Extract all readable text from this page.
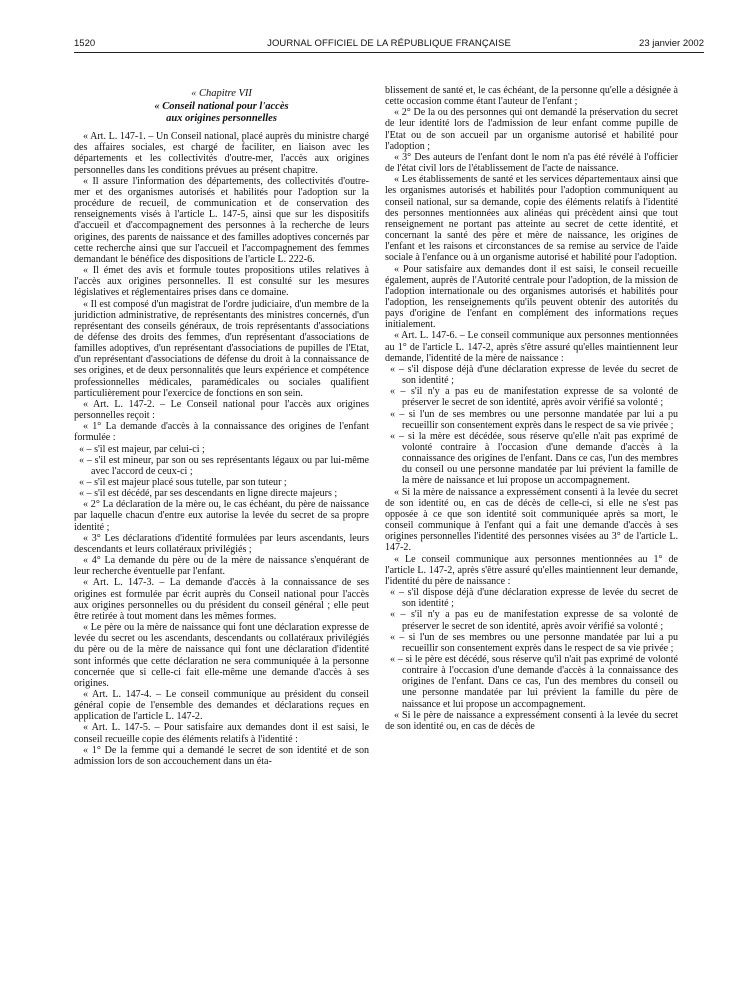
1520	JOURNAL OFFICIEL DE LA RÉPUBLIQUE FRANÇAISE	23 janvier 2002
« Chapitre VII
« Conseil national pour l'accès
aux origines personnelles

« Art. L. 147-1. – Un Conseil national, placé auprès du ministre chargé des affaires sociales, est chargé de faciliter, en liaison avec les départements et les collectivités d'outre-mer, l'accès aux origines personnelles dans les conditions prévues au présent chapitre.

« Il assure l'information des départements, des collectivités d'outre-mer et des organismes autorisés et habilités pour l'adoption sur la procédure de recueil, de communication et de conservation des renseignements visés à l'article L. 147-5, ainsi que sur les dispositifs d'accueil et d'accompagnement des personnes à la recherche de leurs origines, des parents de naissance et des familles adoptives concernés par cette recherche ainsi que sur l'accueil et l'accompagnement des femmes demandant le bénéfice des dispositions de l'article L. 222-6.

« Il émet des avis et formule toutes propositions utiles relatives à l'accès aux origines personnelles. Il est consulté sur les mesures législatives et réglementaires prises dans ce domaine.

« Il est composé d'un magistrat de l'ordre judiciaire, d'un membre de la juridiction administrative, de représentants des ministres concernés, d'un représentant des conseils généraux, de trois représentants d'associations de défense des droits des femmes, d'un représentant d'associations de familles adoptives, d'un représentant d'associations de pupilles de l'Etat, d'un représentant d'associations de défense du droit à la connaissance de ses origines, et de deux personnalités que leurs expérience et compétence professionnelles médicales, paramédicales ou sociales qualifient particulièrement pour l'exercice de fonctions en son sein.

« Art. L. 147-2. – Le Conseil national pour l'accès aux origines personnelles reçoit :

« 1° La demande d'accès à la connaissance des origines de l'enfant formulée :

« – s'il est majeur, par celui-ci ;

« – s'il est mineur, par son ou ses représentants légaux ou par lui-même avec l'accord de ceux-ci ;

« – s'il est majeur placé sous tutelle, par son tuteur ;

« – s'il est décédé, par ses descendants en ligne directe majeurs ;

« 2° La déclaration de la mère ou, le cas échéant, du père de naissance par laquelle chacun d'entre eux autorise la levée du secret de sa propre identité ;

« 3° Les déclarations d'identité formulées par leurs ascendants, leurs descendants et leurs collatéraux privilégiés ;

« 4° La demande du père ou de la mère de naissance s'enquérant de leur recherche éventuelle par l'enfant.

« Art. L. 147-3. – La demande d'accès à la connaissance de ses origines est formulée par écrit auprès du Conseil national pour l'accès aux origines personnelles ou du président du conseil général ; elle peut être retirée à tout moment dans les mêmes formes.

« Le père ou la mère de naissance qui font une déclaration expresse de levée du secret ou les ascendants, descendants ou collatéraux privilégiés du père ou de la mère de naissance qui font une déclaration d'identité sont informés que cette déclaration ne sera communiquée à la personne concernée que si celle-ci fait elle-même une demande d'accès à ses origines.

« Art. L. 147-4. – Le conseil communique au président du conseil général copie de l'ensemble des demandes et déclarations reçues en application de l'article L. 147-2.

« Art. L. 147-5. – Pour satisfaire aux demandes dont il est saisi, le conseil recueille copie des éléments relatifs à l'identité :

« 1° De la femme qui a demandé le secret de son identité et de son admission lors de son accouchement dans un éta-

blissement de santé et, le cas échéant, de la personne qu'elle a désignée à cette occasion comme étant l'auteur de l'enfant ;

« 2° De la ou des personnes qui ont demandé la préservation du secret de leur identité lors de l'admission de leur enfant comme pupille de l'Etat ou de son accueil par un organisme autorisé et habilité pour l'adoption ;

« 3° Des auteurs de l'enfant dont le nom n'a pas été révélé à l'officier de l'état civil lors de l'établissement de l'acte de naissance.

« Les établissements de santé et les services départementaux ainsi que les organismes autorisés et habilités pour l'adoption communiquent au conseil national, sur sa demande, copie des éléments relatifs à l'identité des personnes mentionnées aux alinéas qui précèdent ainsi que tout renseignement ne portant pas atteinte au secret de cette identité, et concernant la santé des père et mère de naissance, les origines de l'enfant et les raisons et circonstances de sa remise au service de l'aide sociale à l'enfance ou à un organisme autorisé et habilité pour l'adoption.

« Pour satisfaire aux demandes dont il est saisi, le conseil recueille également, auprès de l'Autorité centrale pour l'adoption, de la mission de l'adoption internationale ou des organismes autorisés et habilités pour l'adoption, les renseignements qu'ils peuvent obtenir des autorités du pays d'origine de l'enfant en complément des informations reçues initialement.

« Art. L. 147-6. – Le conseil communique aux personnes mentionnées au 1° de l'article L. 147-2, après s'être assuré qu'elles maintiennent leur demande, l'identité de la mère de naissance :

« – s'il dispose déjà d'une déclaration expresse de levée du secret de son identité ;

« – s'il n'y a pas eu de manifestation expresse de sa volonté de préserver le secret de son identité, après avoir vérifié sa volonté ;

« – si l'un de ses membres ou une personne mandatée par lui a pu recueillir son consentement exprès dans le respect de sa vie privée ;

« – si la mère est décédée, sous réserve qu'elle n'ait pas exprimé de volonté contraire à l'occasion d'une demande d'accès à la connaissance des origines de l'enfant. Dans ce cas, l'un des membres du conseil ou une personne mandatée par lui prévient la famille de la mère de naissance et lui propose un accompagnement.

« Si la mère de naissance a expressément consenti à la levée du secret de son identité ou, en cas de décès de celle-ci, si elle ne s'est pas opposée à ce que son identité soit communiquée après sa mort, le conseil communique à l'enfant qui a fait une demande d'accès à ses origines personnelles l'identité des personnes visées au 3° de l'article L. 147-2.

« Le conseil communique aux personnes mentionnées au 1° de l'article L. 147-2, après s'être assuré qu'elles maintiennent leur demande, l'identité du père de naissance :

« – s'il dispose déjà d'une déclaration expresse de levée du secret de son identité ;

« – s'il n'y a pas eu de manifestation expresse de sa volonté de préserver le secret de son identité, après avoir vérifié sa volonté ;

« – si l'un de ses membres ou une personne mandatée par lui a pu recueillir son consentement exprès dans le respect de sa vie privée ;

« – si le père est décédé, sous réserve qu'il n'ait pas exprimé de volonté contraire à l'occasion d'une demande d'accès à la connaissance des origines de l'enfant. Dans ce cas, l'un des membres du conseil ou une personne mandatée par lui prévient la famille du père de naissance et lui propose un accompagnement.

« Si le père de naissance a expressément consenti à la levée du secret de son identité ou, en cas de décès de
